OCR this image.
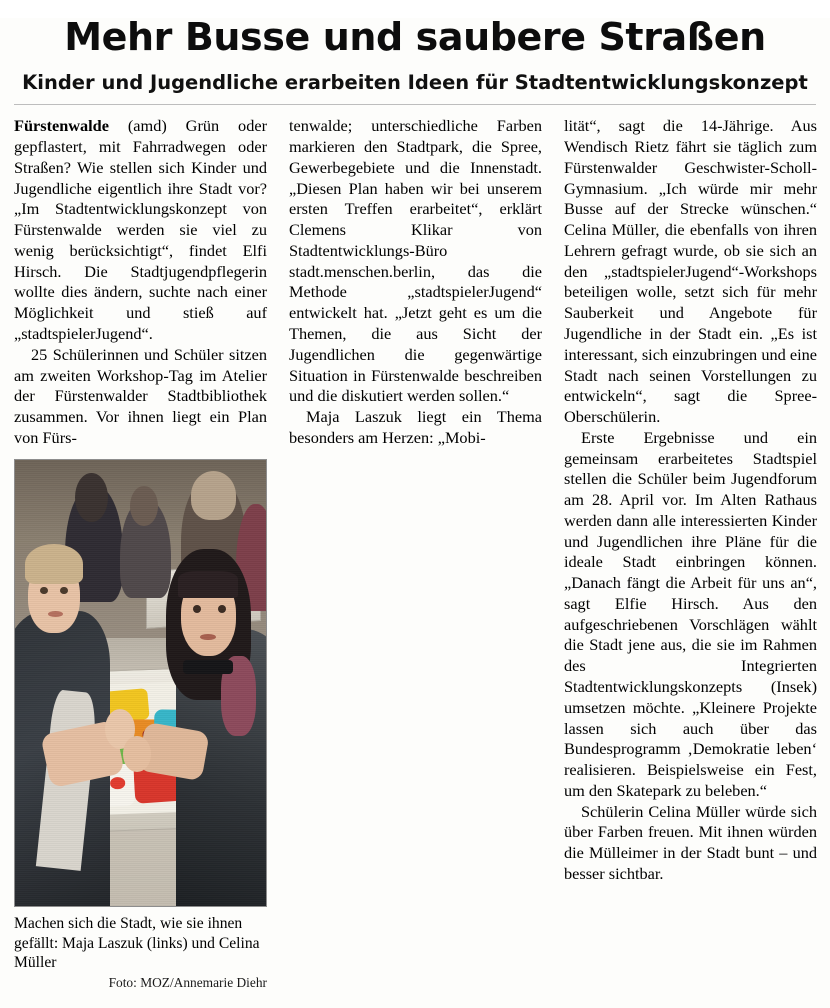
Mehr Busse und saubere Straßen
Kinder und Jugendliche erarbeiten Ideen für Stadtentwicklungskonzept

Fürstenwalde (amd) Grün oder gepflastert, mit Fahrradwegen oder Straßen? Wie stellen sich Kinder und Jugendliche eigentlich ihre Stadt vor? „Im Stadtentwicklungskonzept von Fürstenwalde werden sie viel zu wenig berücksichtigt“, findet Elfi Hirsch. Die Stadtjugendpflegerin wollte dies ändern, suchte nach einer Möglichkeit und stieß auf „stadtspielerJugend“.

25 Schülerinnen und Schüler sitzen am zweiten Workshop-Tag im Atelier der Fürstenwalder Stadtbibliothek zusammen. Vor ihnen liegt ein Plan von Fürs-

Machen sich die Stadt, wie sie ihnen gefällt: Maja Laszuk (links) und Celina Müller
Foto: MOZ/Annemarie Diehr

tenwalde; unterschiedliche Farben markieren den Stadtpark, die Spree, Gewerbegebiete und die Innenstadt. „Diesen Plan haben wir bei unserem ersten Treffen erarbeitet“, erklärt Clemens Klikar von Stadtentwicklungs-Büro stadt.menschen.berlin, das die Methode „stadtspielerJugend“ entwickelt hat. „Jetzt geht es um die Themen, die aus Sicht der Jugendlichen die gegenwärtige Situation in Fürstenwalde beschreiben und die diskutiert werden sollen.“

Maja Laszuk liegt ein Thema besonders am Herzen: „Mobi-

lität“, sagt die 14-Jährige. Aus Wendisch Rietz fährt sie täglich zum Fürstenwalder Geschwister-Scholl-Gymnasium. „Ich würde mir mehr Busse auf der Strecke wünschen.“ Celina Müller, die ebenfalls von ihren Lehrern gefragt wurde, ob sie sich an den „stadtspielerJugend“-Workshops beteiligen wolle, setzt sich für mehr Sauberkeit und Angebote für Jugendliche in der Stadt ein. „Es ist interessant, sich einzubringen und eine Stadt nach seinen Vorstellungen zu entwickeln“, sagt die Spree-Oberschülerin.

Erste Ergebnisse und ein gemeinsam erarbeitetes Stadtspiel stellen die Schüler beim Jugendforum am 28. April vor. Im Alten Rathaus werden dann alle interessierten Kinder und Jugendlichen ihre Pläne für die ideale Stadt einbringen können. „Danach fängt die Arbeit für uns an“, sagt Elfie Hirsch. Aus den aufgeschriebenen Vorschlägen wählt die Stadt jene aus, die sie im Rahmen des Integrierten Stadtentwicklungskonzepts (Insek) umsetzen möchte. „Kleinere Projekte lassen sich auch über das Bundesprogramm ‚Demokratie leben‘ realisieren. Beispielsweise ein Fest, um den Skatepark zu beleben.“

Schülerin Celina Müller würde sich über Farben freuen. Mit ihnen würden die Mülleimer in der Stadt bunt – und besser sichtbar.
